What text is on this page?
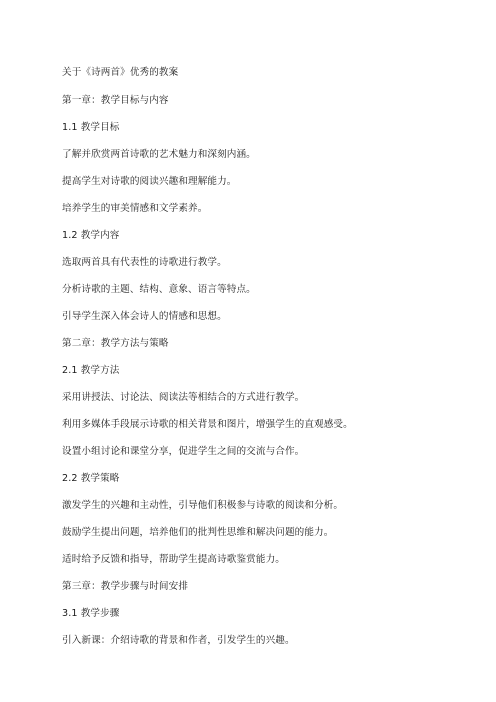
关于《诗两首》优秀的教案
第一章：教学目标与内容
1.1 教学目标
了解并欣赏两首诗歌的艺术魅力和深刻内涵。
提高学生对诗歌的阅读兴趣和理解能力。
培养学生的审美情感和文学素养。
1.2 教学内容
选取两首具有代表性的诗歌进行教学。
分析诗歌的主题、结构、意象、语言等特点。
引导学生深入体会诗人的情感和思想。
第二章：教学方法与策略
2.1 教学方法
采用讲授法、讨论法、阅读法等相结合的方式进行教学。
利用多媒体手段展示诗歌的相关背景和图片，增强学生的直观感受。
设置小组讨论和课堂分享，促进学生之间的交流与合作。
2.2 教学策略
激发学生的兴趣和主动性，引导他们积极参与诗歌的阅读和分析。
鼓励学生提出问题，培养他们的批判性思维和解决问题的能力。
适时给予反馈和指导，帮助学生提高诗歌鉴赏能力。
第三章：教学步骤与时间安排
3.1 教学步骤
引入新课：介绍诗歌的背景和作者，引发学生的兴趣。
